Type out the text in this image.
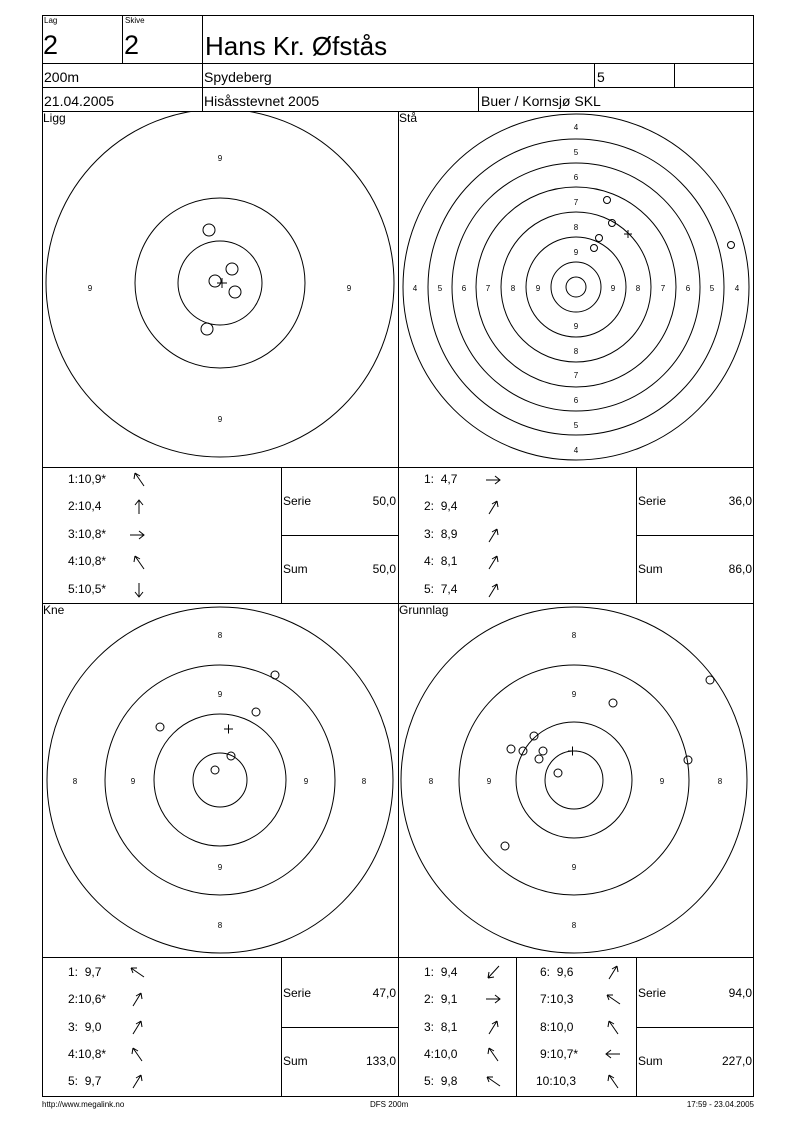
Lag
2
Skive
2	Hans Kr. Øfstås
200m	Spydeberg	5
21.04.2005	Hisåsstevnet 2005	Buer / Kornsjø SKL
Ligg	Stå
Kne	Grunnlag
9
9	9
9
4
5
6
7
8
9
4	5 6 7	8	9	9	8	7	6 5	4
9
8
7
6
5
4
8
8	8
8
9
9	9
9
8
8	8
8
9
9	9
9
1:10,9*
2:10,4
3:10,8*
4:10,8*
5:10,5*
Serie	50,0
Sum	50,0
1: 4,7
2: 9,4
3: 8,9
4: 8,1
5: 7,4
Serie	36,0
Sum	86,0
1: 9,7
2:10,6*
3: 9,0
4:10,8*
5: 9,7
Serie	47,0
Sum	133,0
1: 9,4
2: 9,1
3: 8,1
4:10,0
5: 9,8
6: 9,6
7:10,3
8:10,0
9:10,7*
10:10,3
Serie	94,0
Sum	227,0
http://www.megalink.no	DFS 200m	17:59 - 23.04.2005
